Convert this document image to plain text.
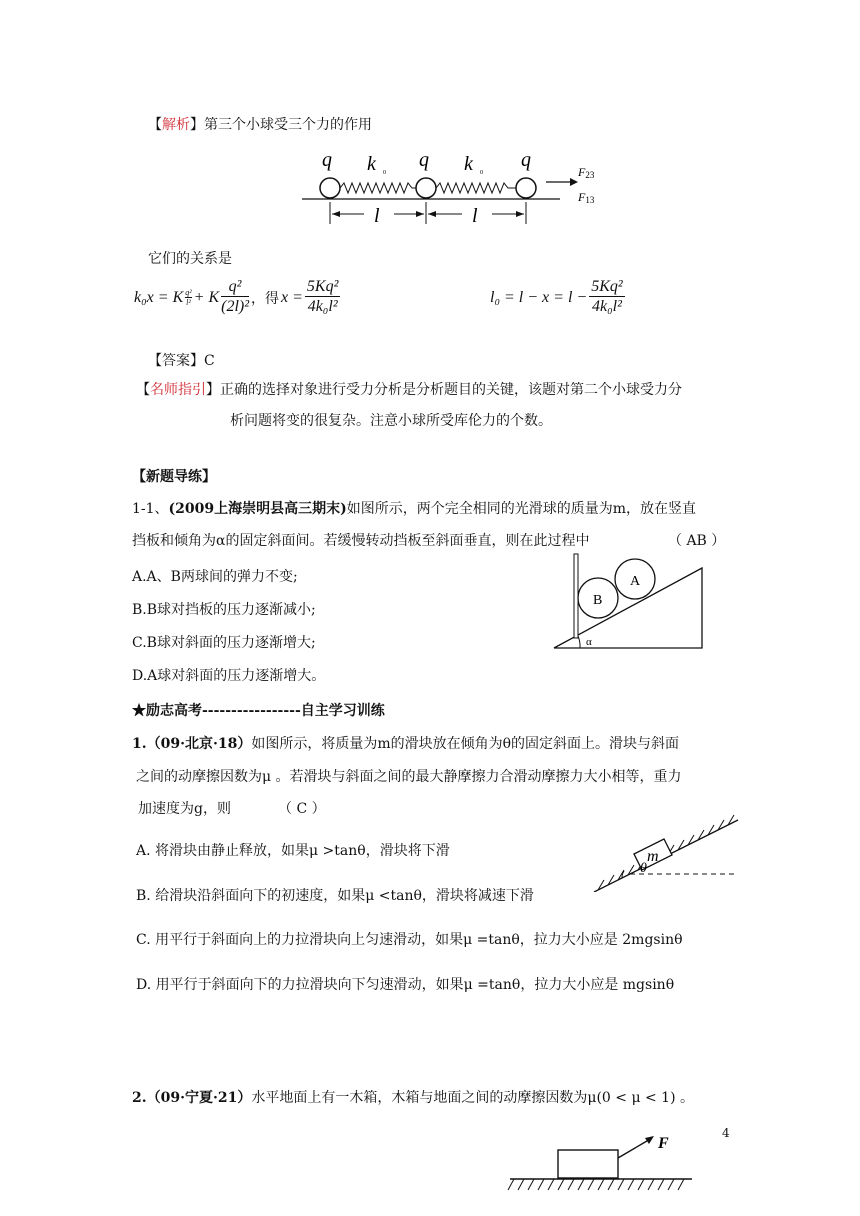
【解析】第三个小球受三个力的作用
q	q	q
k 0	k 0
l	l
F23
F13
它们的关系是
k₀x = K $\frac{\text{q²}}{\text{l²}} + K \frac{\text{q²}}{\text{(2l)²}}$ ，得 $x = \frac{\text{5Kq²}}{\text{4k₀l²}}$	$l_0 = l - x = l - \frac{\text{5Kq²}}{\text{4k₀l²}}$
【答案】C
【名师指引】正确的选择对象进行受力分析是分析题目的关键，该题对第二个小球受力分
析问题将变的很复杂。注意小球所受库伦力的个数。
【新题导练】
1-1、(2009上海崇明县高三期末)如图所示，两个完全相同的光滑球的质量为m，放在竖直
挡板和倾角为α的固定斜面间。若缓慢转动挡板至斜面垂直，则在此过程中	（ AB ）
A.A、B两球间的弹力不变;
B.B球对挡板的压力逐渐减小;
C.B球对斜面的压力逐渐增大;
D.A球对斜面的压力逐渐增大。
A
B
α
★励志高考-----------------自主学习训练
1.（09·北京·18）如图所示，将质量为m的滑块放在倾角为θ的固定斜面上。滑块与斜面
之间的动摩擦因数为μ 。若滑块与斜面之间的最大静摩擦力合滑动摩擦力大小相等，重力
加速度为g，则	（ C ）
A. 将滑块由静止释放，如果μ >tanθ，滑块将下滑
B. 给滑块沿斜面向下的初速度，如果μ <tanθ，滑块将减速下滑
C. 用平行于斜面向上的力拉滑块向上匀速滑动，如果μ =tanθ，拉力大小应是 2mgsinθ
D. 用平行于斜面向下的力拉滑块向下匀速滑动，如果μ =tanθ，拉力大小应是 mgsinθ
m
θ
2.（09·宁夏·21）水平地面上有一木箱，木箱与地面之间的动摩擦因数为μ(0 < μ < 1) 。
4
F
